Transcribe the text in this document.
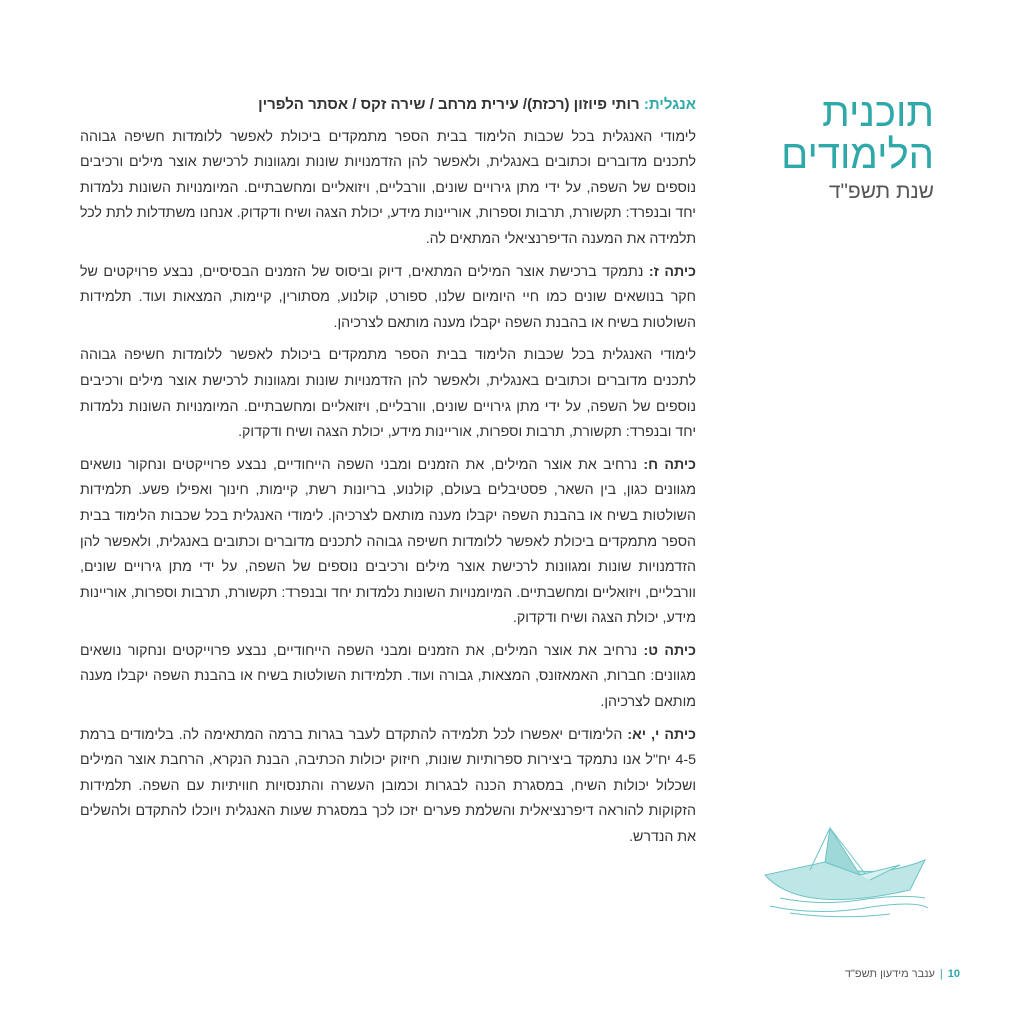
תוכנית
הלימודים
שנת תשפ"ד

אנגלית: רותי פיוזון (רכזת)/ עירית מרחב / שירה זקס / אסתר הלפרין

לימודי האנגלית בכל שכבות הלימוד בבית הספר מתמקדים ביכולת לאפשר ללומדות חשיפה גבוהה לתכנים מדוברים וכתובים באנגלית, ולאפשר להן הזדמנויות שונות ומגוונות לרכישת אוצר מילים ורכיבים נוספים של השפה, על ידי מתן גירויים שונים, וורבליים, ויזואליים ומחשבתיים. המיומנויות השונות נלמדות יחד ובנפרד: תקשורת, תרבות וספרות, אוריינות מידע, יכולת הצגה ושיח ודקדוק. אנחנו משתדלות לתת לכל תלמידה את המענה הדיפרנציאלי המתאים לה.

כיתה ז: נתמקד ברכישת אוצר המילים המתאים, דיוק וביסוס של הזמנים הבסיסיים, נבצע פרויקטים של חקר בנושאים שונים כמו חיי היומיום שלנו, ספורט, קולנוע, מסתורין, קיימות, המצאות ועוד. תלמידות השולטות בשיח או בהבנת השפה יקבלו מענה מותאם לצרכיהן.

לימודי האנגלית בכל שכבות הלימוד בבית הספר מתמקדים ביכולת לאפשר ללומדות חשיפה גבוהה לתכנים מדוברים וכתובים באנגלית, ולאפשר להן הזדמנויות שונות ומגוונות לרכישת אוצר מילים ורכיבים נוספים של השפה, על ידי מתן גירויים שונים, וורבליים, ויזואליים ומחשבתיים. המיומנויות השונות נלמדות יחד ובנפרד: תקשורת, תרבות וספרות, אוריינות מידע, יכולת הצגה ושיח ודקדוק.

כיתה ח: נרחיב את אוצר המילים, את הזמנים ומבני השפה הייחודיים, נבצע פרוייקטים ונחקור נושאים מגוונים כגון, בין השאר, פסטיבלים בעולם, קולנוע, בריונות רשת, קיימות, חינוך ואפילו פשע. תלמידות השולטות בשיח או בהבנת השפה יקבלו מענה מותאם לצרכיהן. לימודי האנגלית בכל שכבות הלימוד בבית הספר מתמקדים ביכולת לאפשר ללומדות חשיפה גבוהה לתכנים מדוברים וכתובים באנגלית, ולאפשר להן הזדמנויות שונות ומגוונות לרכישת אוצר מילים ורכיבים נוספים של השפה, על ידי מתן גירויים שונים, וורבליים, ויזואליים ומחשבתיים. המיומנויות השונות נלמדות יחד ובנפרד: תקשורת, תרבות וספרות, אוריינות מידע, יכולת הצגה ושיח ודקדוק.

כיתה ט: נרחיב את אוצר המילים, את הזמנים ומבני השפה הייחודיים, נבצע פרוייקטים ונחקור נושאים מגוונים: חברות, האמאזונס, המצאות, גבורה ועוד. תלמידות השולטות בשיח או בהבנת השפה יקבלו מענה מותאם לצרכיהן.

כיתה י, יא: הלימודים יאפשרו לכל תלמידה להתקדם לעבר בגרות ברמה המתאימה לה. בלימודים ברמת 4-5 יח"ל אנו נתמקד ביצירות ספרותיות שונות, חיזוק יכולות הכתיבה, הבנת הנקרא, הרחבת אוצר המילים ושכלול יכולות השיח, במסגרת הכנה לבגרות וכמובן העשרה והתנסויות חוויתיות עם השפה. תלמידות הזקוקות להוראה דיפרנציאלית והשלמת פערים יזכו לכך במסגרת שעות האנגלית ויוכלו להתקדם ולהשלים את הנדרש.

10|ענבר מידעון תשפ"ד
